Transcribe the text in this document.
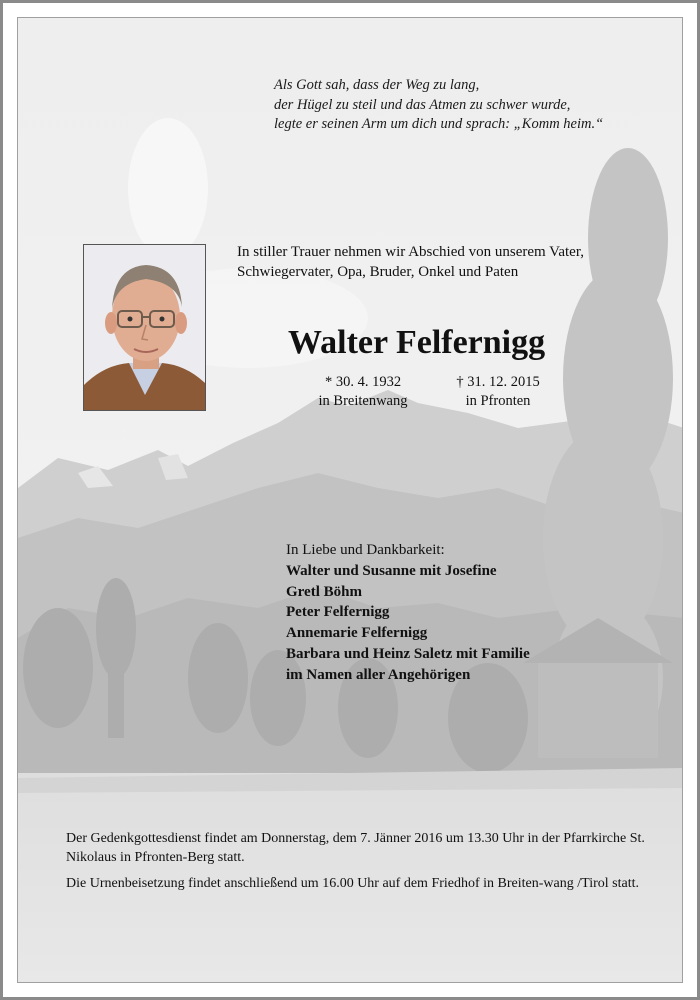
Als Gott sah, dass der Weg zu lang,
der Hügel zu steil und das Atmen zu schwer wurde,
legte er seinen Arm um dich und sprach: „Komm heim.“
In stiller Trauer nehmen wir Abschied von unserem Vater,
Schwiegervater, Opa, Bruder, Onkel und Paten
Walter Felfernigg
* 30. 4. 1932
in Breitenwang
† 31. 12. 2015
in Pfronten
In Liebe und Dankbarkeit:
Walter und Susanne mit Josefine
Gretl Böhm
Peter Felfernigg
Annemarie Felfernigg
Barbara und Heinz Saletz mit Familie
im Namen aller Angehörigen

Der Gedenkgottesdienst findet am Donnerstag, dem 7. Jänner 2016 um 13.30 Uhr in der Pfarrkirche St. Nikolaus in Pfronten-Berg statt.

Die Urnenbeisetzung findet anschließend um 16.00 Uhr auf dem Friedhof in Breiten-wang /Tirol statt.
